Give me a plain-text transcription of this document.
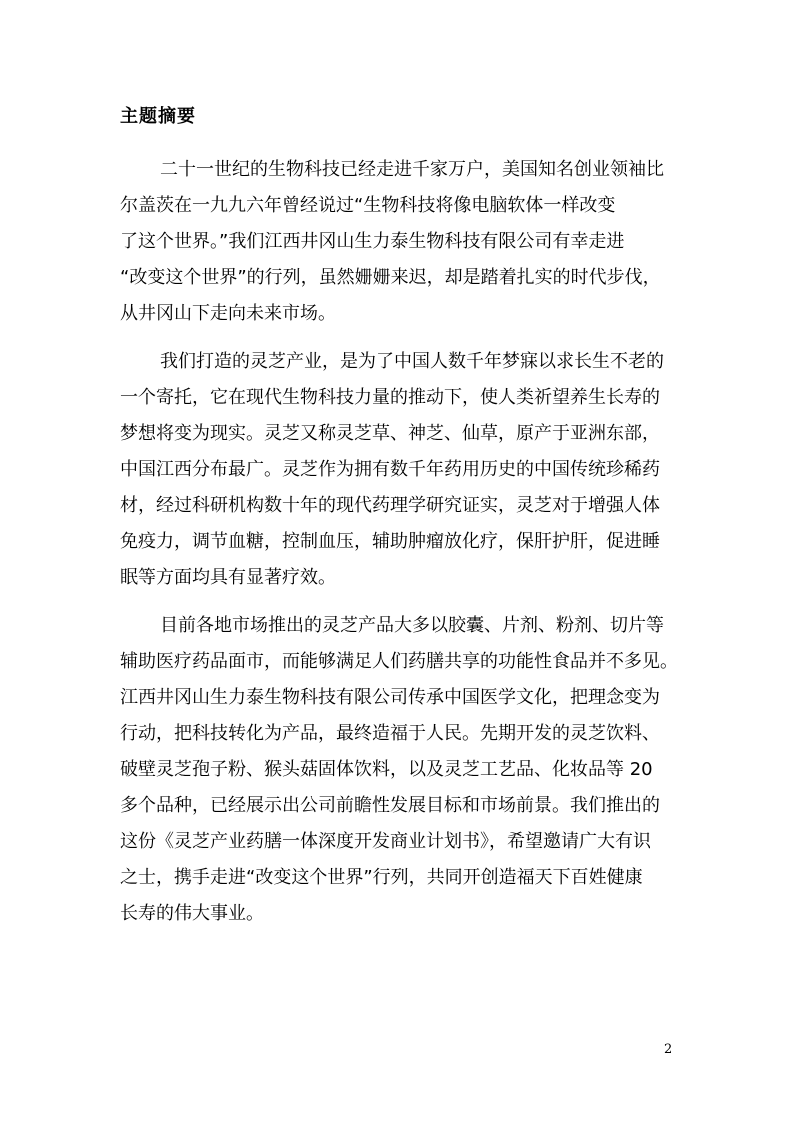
主题摘要
二十一世纪的生物科技已经走进千家万户，美国知名创业领袖比
尔盖茨在一九九六年曾经说过“生物科技将像电脑软体一样改变
了这个世界。”我们江西井冈山生力泰生物科技有限公司有幸走进
“改变这个世界”的行列，虽然姗姗来迟，却是踏着扎实的时代步伐，
从井冈山下走向未来市场。
我们打造的灵芝产业，是为了中国人数千年梦寐以求长生不老的
一个寄托，它在现代生物科技力量的推动下，使人类祈望养生长寿的
梦想将变为现实。灵芝又称灵芝草、神芝、仙草，原产于亚洲东部，
中国江西分布最广。灵芝作为拥有数千年药用历史的中国传统珍稀药
材，经过科研机构数十年的现代药理学研究证实，灵芝对于增强人体
免疫力，调节血糖，控制血压，辅助肿瘤放化疗，保肝护肝，促进睡
眠等方面均具有显著疗效。
目前各地市场推出的灵芝产品大多以胶囊、片剂、粉剂、切片等
辅助医疗药品面市，而能够满足人们药膳共享的功能性食品并不多见。
江西井冈山生力泰生物科技有限公司传承中国医学文化，把理念变为
行动，把科技转化为产品，最终造福于人民。先期开发的灵芝饮料、
破壁灵芝孢子粉、猴头菇固体饮料，以及灵芝工艺品、化妆品等 20
多个品种，已经展示出公司前瞻性发展目标和市场前景。我们推出的
这份《灵芝产业药膳一体深度开发商业计划书》，希望邀请广大有识
之士，携手走进“改变这个世界”行列，共同开创造福天下百姓健康
长寿的伟大事业。
2
